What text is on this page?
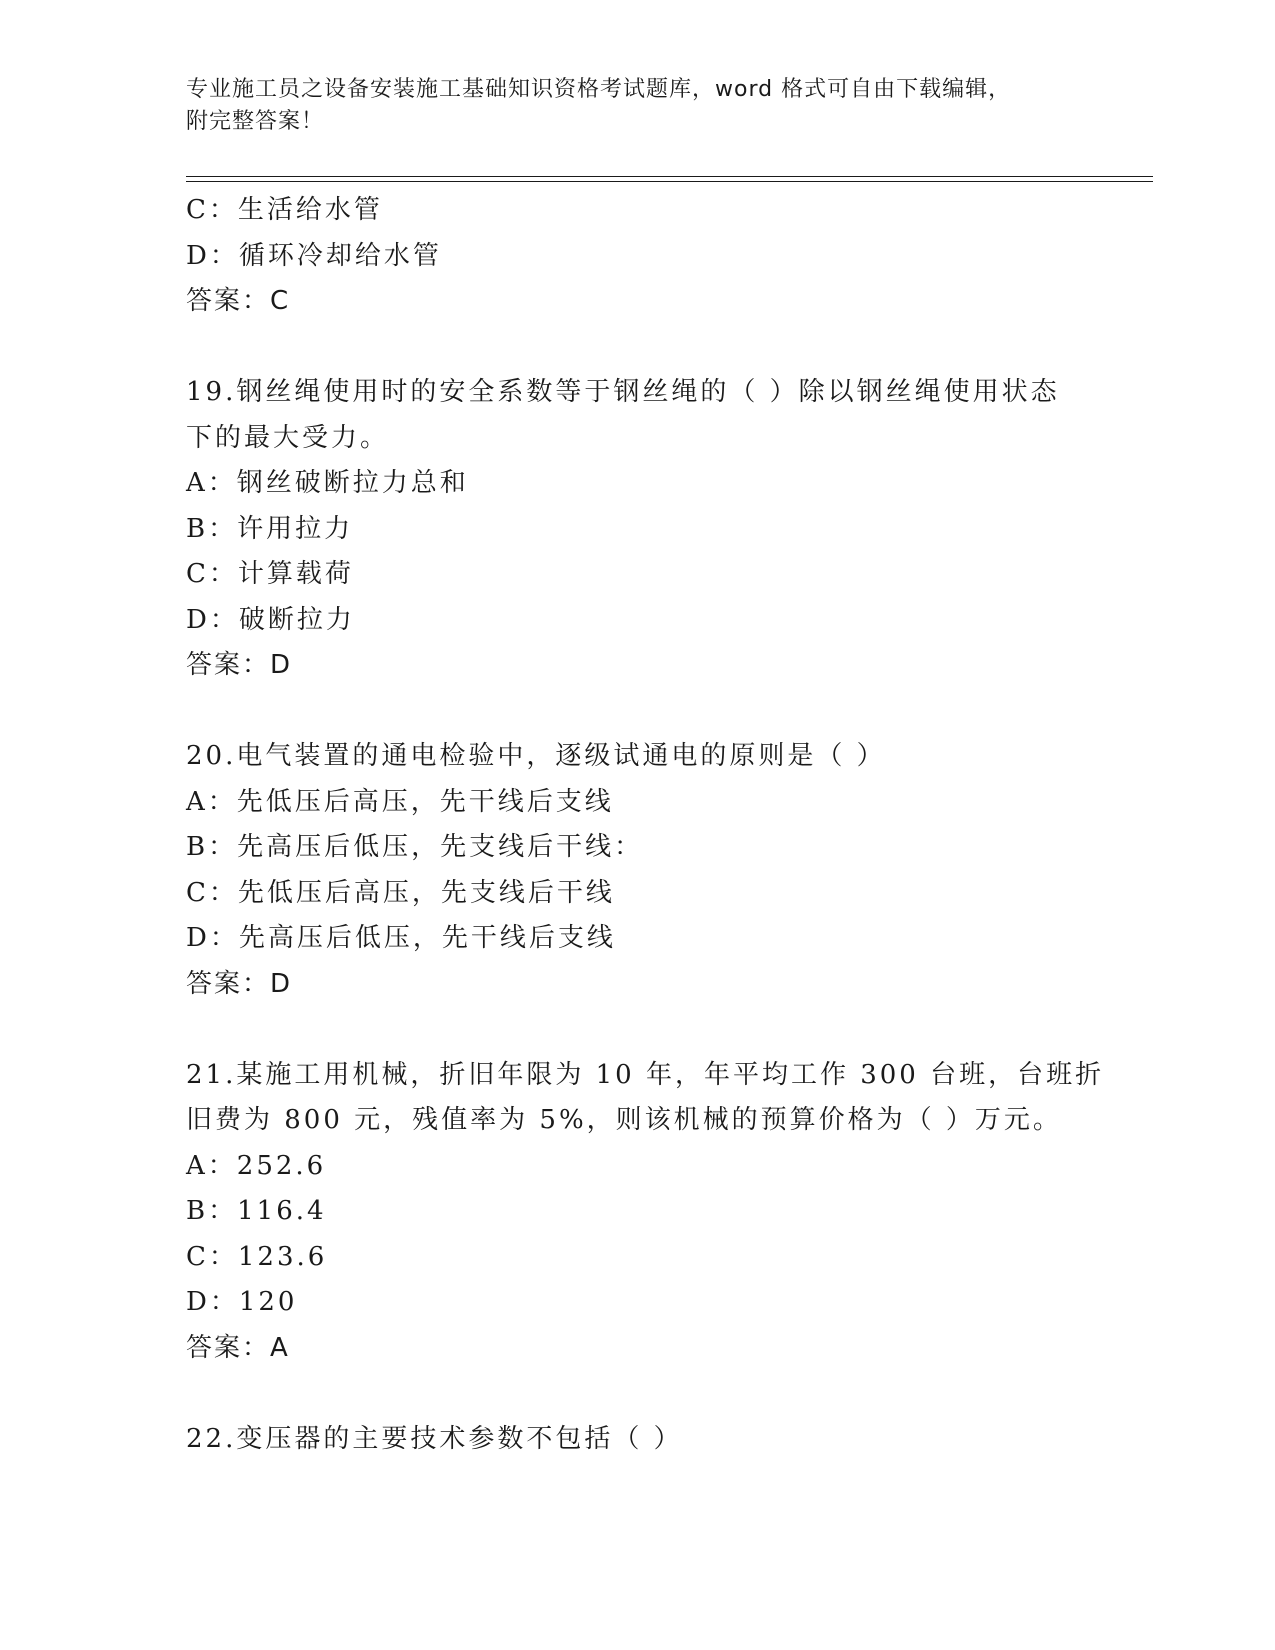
专业施工员之设备安装施工基础知识资格考试题库，word 格式可自由下载编辑，
附完整答案！
C：生活给水管
D：循环冷却给水管
答案：C
19.钢丝绳使用时的安全系数等于钢丝绳的（ ）除以钢丝绳使用状态
下的最大受力。
A：钢丝破断拉力总和
B：许用拉力
C：计算载荷
D：破断拉力
答案：D
20.电气装置的通电检验中，逐级试通电的原则是（ ）
A：先低压后高压，先干线后支线
B：先高压后低压，先支线后干线：
C：先低压后高压，先支线后干线
D：先高压后低压，先干线后支线
答案：D
21.某施工用机械，折旧年限为 10 年，年平均工作 300 台班，台班折
旧费为 800 元，残值率为 5%，则该机械的预算价格为（ ）万元。
A：252.6
B：116.4
C：123.6
D：120
答案：A
22.变压器的主要技术参数不包括（ ）
